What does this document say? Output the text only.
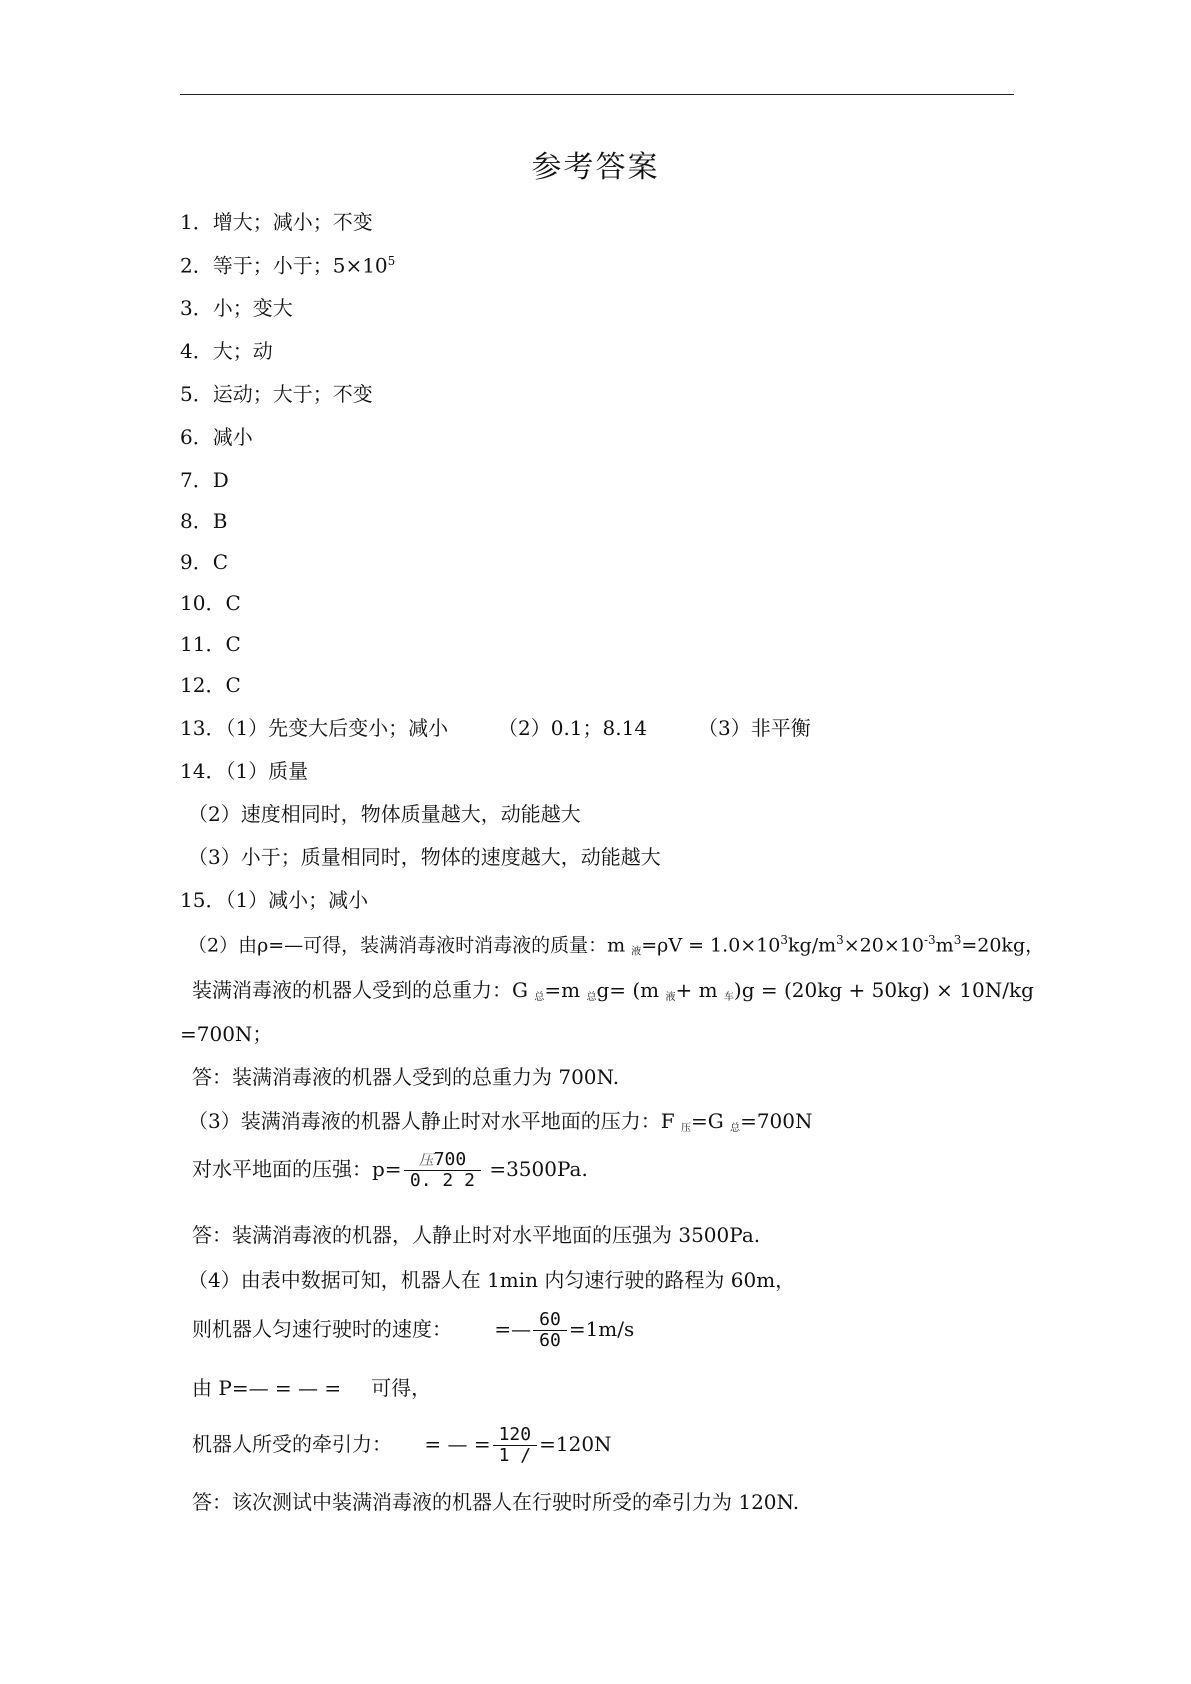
参考答案
1．增大；减小；不变
2．等于；小于；$5\times 10^5$
3．小；变大
4．大；动
5．运动；大于；不变
6．减小
7．D
8．B
9．C
10．C
11．C
12．C
13．（1）先变大后变小；减小 （2）0.1；8.14	（3）非平衡
14．（1）质量
（2）速度相同时，物体质量越大，动能越大
（3）小于；质量相同时，物体的速度越大，动能越大
15．（1）减小；减小
（2）由ρ=—可得，装满消毒液时消毒液的质量：m $_液=\rho V = 1.0\times 10^3kg/m^3\times 20\times 10^{-3}m^3=20kg$，
装满消毒液的机器人受到的总重力：G $_总$=m $_总$g= (m $_液$+ m $_车$)g = (20kg + 50kg) × 10N/kg
=700N；
答：装满消毒液的机器人受到的总重力为 700N.
（3）装满消毒液的机器人静止时对水平地面的压力：F $_压$=G $_总$=700N
对水平地面的压强：$p= \frac{\text{压700}}{0. 2 2} =3500Pa$.
答：装满消毒液的机器，人静止时对水平地面的压强为 3500Pa.
（4）由表中数据可知，机器人在 1min 内匀速行驶的路程为 60m，
则机器人匀速行驶时的速度： =— $\frac{60}{60} =1m/s$
由 P=— = — = 可得，
机器人所受的牵引力： = — = $\frac{120}{1 /} =120N$
答：该次测试中装满消毒液的机器人在行驶时所受的牵引力为 120N.
